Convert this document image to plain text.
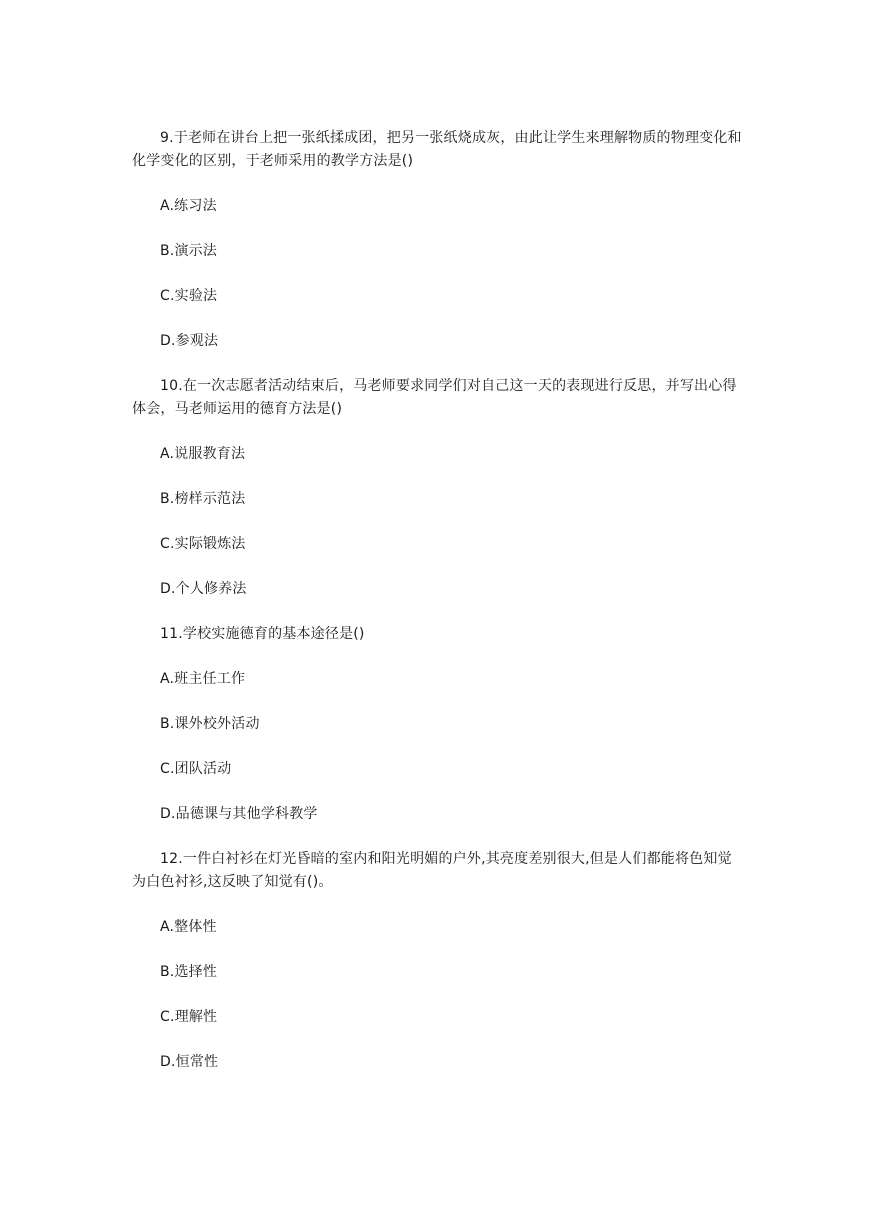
9.于老师在讲台上把一张纸揉成团，把另一张纸烧成灰，由此让学生来理解物质的物理变化和化学变化的区别，于老师采用的教学方法是()

A.练习法

B.演示法

C.实验法

D.参观法

10.在一次志愿者活动结束后，马老师要求同学们对自己这一天的表现进行反思，并写出心得体会，马老师运用的德育方法是()

A.说服教育法

B.榜样示范法

C.实际锻炼法

D.个人修养法

11.学校实施德育的基本途径是()

A.班主任工作

B.课外校外活动

C.团队活动

D.品德课与其他学科教学

12.一件白衬衫在灯光昏暗的室内和阳光明媚的户外,其亮度差别很大,但是人们都能将色知觉为白色衬衫,这反映了知觉有()。

A.整体性

B.选择性

C.理解性

D.恒常性
